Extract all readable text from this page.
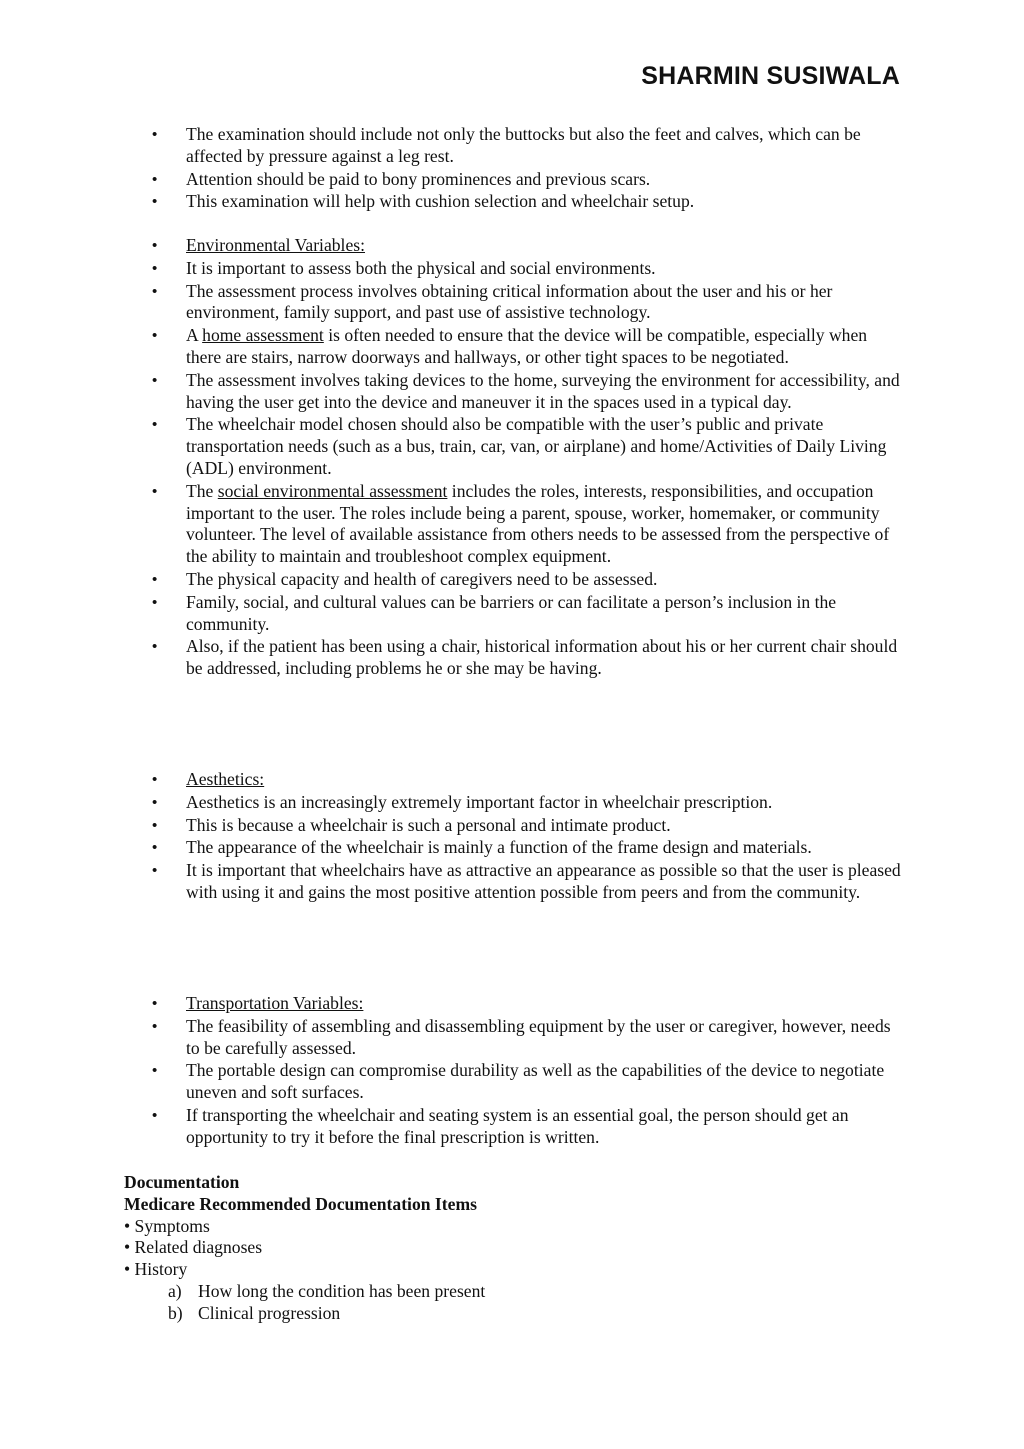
SHARMIN SUSIWALA
• The examination should include not only the buttocks but also the feet and calves, which can be affected by pressure against a leg rest.
• Attention should be paid to bony prominences and previous scars.
• This examination will help with cushion selection and wheelchair setup.
• Environmental Variables:
• It is important to assess both the physical and social environments.
• The assessment process involves obtaining critical information about the user and his or her environment, family support, and past use of assistive technology.
• A home assessment is often needed to ensure that the device will be compatible, especially when there are stairs, narrow doorways and hallways, or other tight spaces to be negotiated.
• The assessment involves taking devices to the home, surveying the environment for accessibility, and having the user get into the device and maneuver it in the spaces used in a typical day.
• The wheelchair model chosen should also be compatible with the user’s public and private transportation needs (such as a bus, train, car, van, or airplane) and home/Activities of Daily Living (ADL) environment.
• The social environmental assessment includes the roles, interests, responsibilities, and occupation important to the user. The roles include being a parent, spouse, worker, homemaker, or community volunteer. The level of available assistance from others needs to be assessed from the perspective of the ability to maintain and troubleshoot complex equipment.
• The physical capacity and health of caregivers need to be assessed.
• Family, social, and cultural values can be barriers or can facilitate a person’s inclusion in the community.
• Also, if the patient has been using a chair, historical information about his or her current chair should be addressed, including problems he or she may be having.
• Aesthetics:
• Aesthetics is an increasingly extremely important factor in wheelchair prescription.
• This is because a wheelchair is such a personal and intimate product.
• The appearance of the wheelchair is mainly a function of the frame design and materials.
• It is important that wheelchairs have as attractive an appearance as possible so that the user is pleased with using it and gains the most positive attention possible from peers and from the community.
• Transportation Variables:
• The feasibility of assembling and disassembling equipment by the user or caregiver, however, needs to be carefully assessed.
• The portable design can compromise durability as well as the capabilities of the device to negotiate uneven and soft surfaces.
• If transporting the wheelchair and seating system is an essential goal, the person should get an opportunity to try it before the final prescription is written.
Documentation
Medicare Recommended Documentation Items
• Symptoms
• Related diagnoses
• History
a) How long the condition has been present
b) Clinical progression
